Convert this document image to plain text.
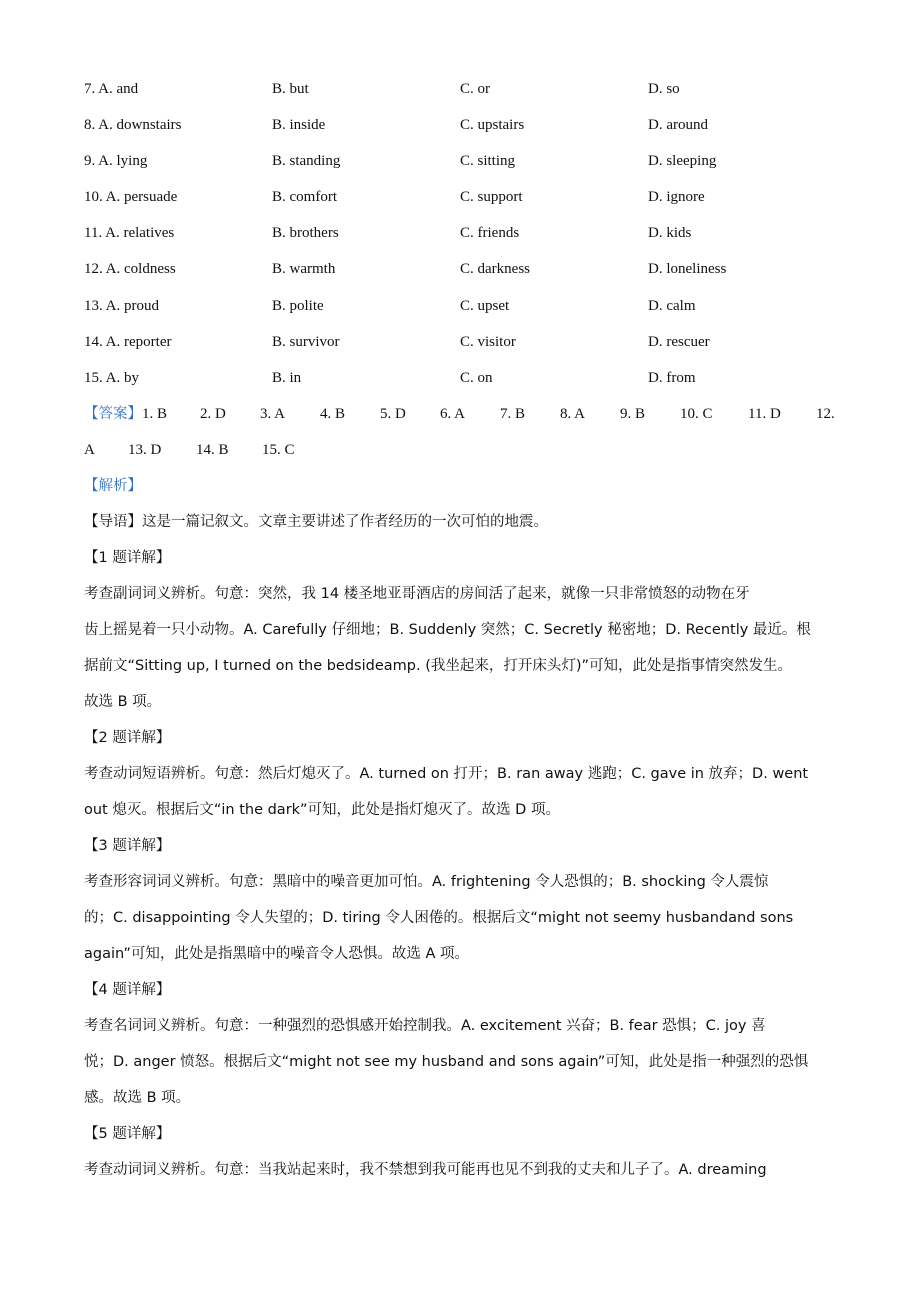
7. A. and	B. but	C. or	D. so
8. A. downstairs	B. inside	C. upstairs	D. around
9. A. lying	B. standing	C. sitting	D. sleeping
10. A. persuade	B. comfort	C. support	D. ignore
11. A. relatives	B. brothers	C. friends	D. kids
12. A. coldness	B. warmth	C. darkness	D. loneliness
13. A. proud	B. polite	C. upset	D. calm
14. A. reporter	B. survivor	C. visitor	D. rescuer
15. A. by	B. in	C. on	D. from
【答案】 1. B 2. D 3. A 4. B 5. D 6. A 7. B 8. A 9. B 10. C 11. D 12.
A 13. D 14. B 15. C
【解析】

【导语】这是一篇记叙文。文章主要讲述了作者经历的一次可怕的地震。

【1 题详解】

考查副词词义辨析。句意：突然，我 14 楼圣地亚哥酒店的房间活了起来，就像一只非常愤怒的动物在牙

齿上摇晃着一只小动物。A. Carefully 仔细地；B. Suddenly 突然；C. Secretly 秘密地；D. Recently 最近。根

据前文“Sitting up, I turned on the bedsideamp. (我坐起来，打开床头灯)”可知，此处是指事情突然发生。

故选 B 项。

【2 题详解】

考查动词短语辨析。句意：然后灯熄灭了。A. turned on 打开；B. ran away 逃跑；C. gave in 放弃；D. went

out 熄灭。根据后文“in the dark”可知，此处是指灯熄灭了。故选 D 项。

【3 题详解】

考查形容词词义辨析。句意：黑暗中的噪音更加可怕。A. frightening 令人恐惧的；B. shocking 令人震惊

的；C. disappointing 令人失望的；D. tiring 令人困倦的。根据后文“might not seemy husbandand sons

again”可知，此处是指黑暗中的噪音令人恐惧。故选 A 项。

【4 题详解】

考查名词词义辨析。句意：一种强烈的恐惧感开始控制我。A. excitement 兴奋；B. fear 恐惧；C. joy 喜

悦；D. anger 愤怒。根据后文“might not see my husband and sons again”可知，此处是指一种强烈的恐惧

感。故选 B 项。

【5 题详解】

考查动词词义辨析。句意：当我站起来时，我不禁想到我可能再也见不到我的丈夫和儿子了。A. dreaming
